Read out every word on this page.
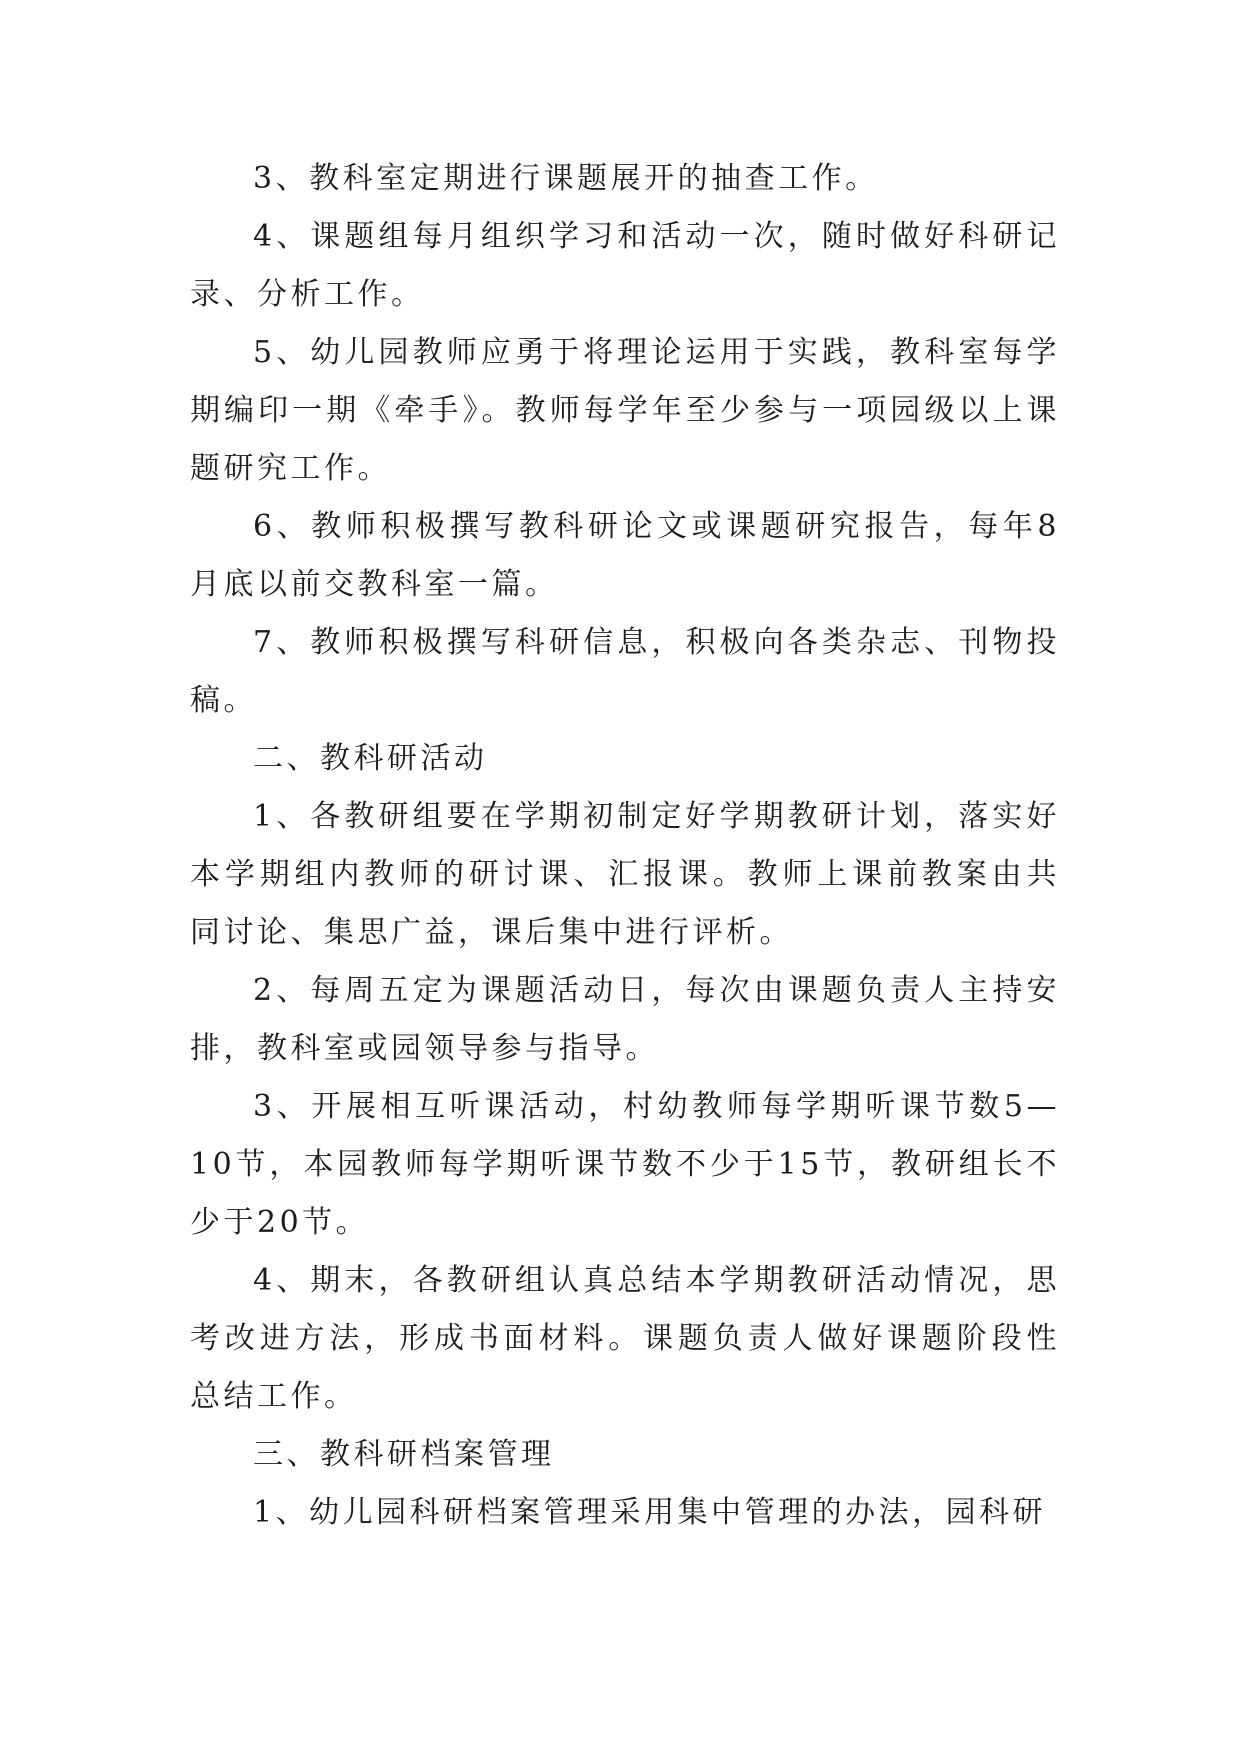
3、教科室定期进行课题展开的抽查工作。

4、课题组每月组织学习和活动一次，随时做好科研记录、分析工作。

5、幼儿园教师应勇于将理论运用于实践，教科室每学期编印一期《牵手》。教师每学年至少参与一项园级以上课题研究工作。

6、教师积极撰写教科研论文或课题研究报告，每年8月底以前交教科室一篇。

7、教师积极撰写科研信息，积极向各类杂志、刊物投稿。

二、教科研活动

1、各教研组要在学期初制定好学期教研计划，落实好本学期组内教师的研讨课、汇报课。教师上课前教案由共同讨论、集思广益，课后集中进行评析。

2、每周五定为课题活动日，每次由课题负责人主持安排，教科室或园领导参与指导。

3、开展相互听课活动，村幼教师每学期听课节数5—10节，本园教师每学期听课节数不少于15节，教研组长不少于20节。

4、期末，各教研组认真总结本学期教研活动情况，思考改进方法，形成书面材料。课题负责人做好课题阶段性总结工作。

三、教科研档案管理

1、幼儿园科研档案管理采用集中管理的办法，园科研
